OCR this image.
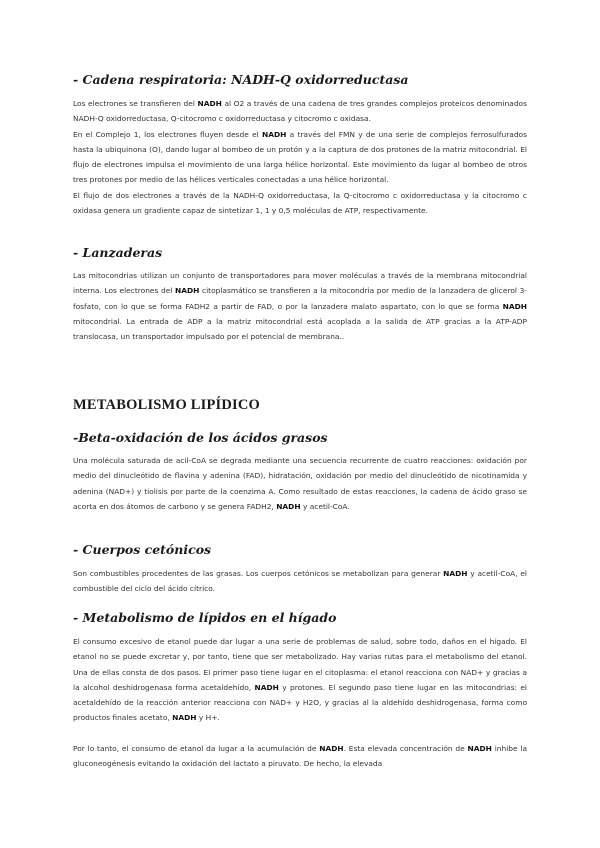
- Cadena respiratoria: NADH-Q oxidorreductasa

Los electrones se transfieren del NADH al O2 a través de una cadena de tres grandes complejos proteicos denominados NADH-Q oxidorreductasa, Q-citocromo c oxidorreductasa y citocromo c oxidasa.
En el Complejo 1, los electrones fluyen desde el NADH a través del FMN y de una serie de complejos ferrosulfurados hasta la ubiquinona (O), dando lugar al bombeo de un protón y a la captura de dos protones de la matriz mitocondrial. El flujo de electrones impulsa el movimiento de una larga hélice horizontal. Este movimiento da lugar al bombeo de otros tres protones por medio de las hélices verticales conectadas a una hélice horizontal.
El flujo de dos electrones a través de la NADH-Q oxidorreductasa, la Q-citocromo c oxidorreductasa y la citocromo c oxidasa genera un gradiente capaz de sintetizar 1, 1 y 0,5 moléculas de ATP, respectivamente.

- Lanzaderas

Las mitocondrias utilizan un conjunto de transportadores para mover moléculas a través de la membrana mitocondrial interna. Los electrones del NADH citoplasmático se transfieren a la mitocondria por medio de la lanzadera de glicerol 3-fosfato, con lo que se forma FADH2 a partir de FAD, o por la lanzadera malato aspartato, con lo que se forma NADH mitocondrial. La entrada de ADP a la matriz mitocondrial está acoplada a la salida de ATP gracias a la ATP-ADP translocasa, un transportador impulsado por el potencial de membrana..

METABOLISMO LIPÍDICO
-Beta-oxidación de los ácidos grasos

Una molécula saturada de acil-CoA se degrada mediante una secuencia recurrente de cuatro reacciones: oxidación por medio del dinucleótido de flavina y adenina (FAD), hidratación, oxidación por medio del dinucleótido de nicotinamida y adenina (NAD+) y tiolisis por parte de la coenzima A. Como resultado de estas reacciones, la cadena de ácido graso se acorta en dos átomos de carbono y se genera FADH2, NADH y acetil-CoA.

- Cuerpos cetónicos

Son combustibles procedentes de las grasas. Los cuerpos cetónicos se metabolizan para generar NADH y acetil-CoA, el combustible del ciclo del ácido cítrico.

- Metabolismo de lípidos en el hígado

El consumo excesivo de etanol puede dar lugar a una serie de problemas de salud, sobre todo, daños en el hígado. El etanol no se puede excretar y, por tanto, tiene que ser metabolizado. Hay varias rutas para el metabolismo del etanol. Una de ellas consta de dos pasos. El primer paso tiene lugar en el citoplasma: el etanol reacciona con NAD+ y gracias a la alcohol deshidrogenasa forma acetaldehído, NADH y protones. El segundo paso tiene lugar en las mitocondrias: el acetaldehído de la reacción anterior reacciona con NAD+ y H2O, y gracias al la aldehído deshidrogenasa, forma como productos finales acetato, NADH y H+.

Por lo tanto, el consumo de etanol da lugar a la acumulación de NADH. Esta elevada concentración de NADH inhibe la gluconeogénesis evitando la oxidación del lactato a piruvato. De hecho, la elevada
